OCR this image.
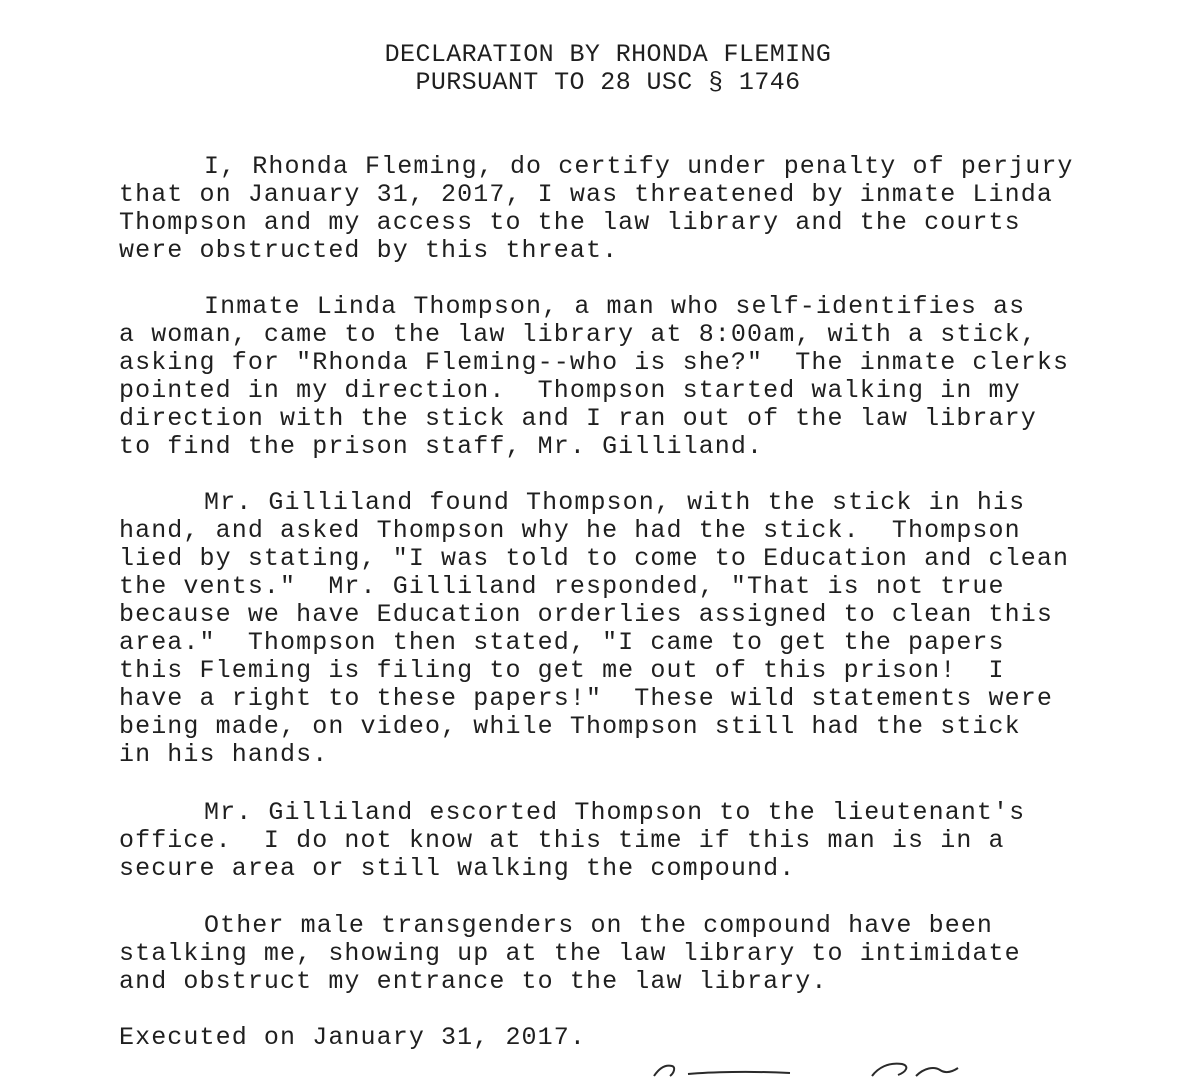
DECLARATION BY RHONDA FLEMING
PURSUANT TO 28 USC § 1746
I, Rhonda Fleming, do certify under penalty of perjury
that on January 31, 2017, I was threatened by inmate Linda
Thompson and my access to the law library and the courts
were obstructed by this threat.
Inmate Linda Thompson, a man who self-identifies as
a woman, came to the law library at 8:00am, with a stick,
asking for "Rhonda Fleming--who is she?"  The inmate clerks
pointed in my direction.  Thompson started walking in my
direction with the stick and I ran out of the law library
to find the prison staff, Mr. Gilliland.
Mr. Gilliland found Thompson, with the stick in his
hand, and asked Thompson why he had the stick.  Thompson
lied by stating, "I was told to come to Education and clean
the vents."  Mr. Gilliland responded, "That is not true
because we have Education orderlies assigned to clean this
area."  Thompson then stated, "I came to get the papers
this Fleming is filing to get me out of this prison!  I
have a right to these papers!"  These wild statements were
being made, on video, while Thompson still had the stick
in his hands.
Mr. Gilliland escorted Thompson to the lieutenant's
office.  I do not know at this time if this man is in a
secure area or still walking the compound.
Other male transgenders on the compound have been
stalking me, showing up at the law library to intimidate
and obstruct my entrance to the law library.
Executed on January 31, 2017.
